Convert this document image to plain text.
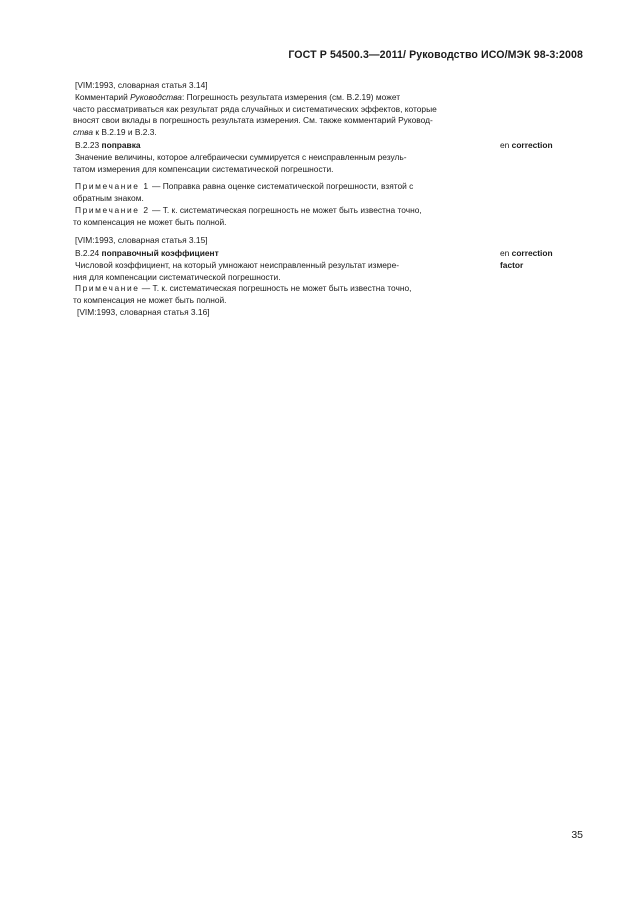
ГОСТ Р 54500.3—2011/ Руководство ИСО/МЭК 98-3:2008

[VIM:1993, словарная статья 3.14]

Комментарий Руководства: Погрешность результата измерения (см. В.2.19) может

часто рассматриваться как результат ряда случайных и систематических эффектов, которые

вносят свои вклады в погрешность результата измерения. См. также комментарий Руковод-

ства к В.2.19 и В.2.3.

В.2.23 поправка

Значение величины, которое алгебраически суммируется с неисправленным резуль-

татом измерения для компенсации систематической погрешности.

Примечание 1 — Поправка равна оценке систематической погрешности, взятой с

обратным знаком.

Примечание 2 — Т. к. систематическая погрешность не может быть известна точно,

то компенсация не может быть полной.

[VIM:1993, словарная статья 3.15]

В.2.24 поправочный коэффициент

Числовой коэффициент, на который умножают неисправленный результат измере-

ния для компенсации систематической погрешности.

Примечание — Т. к. систематическая погрешность не может быть известна точно,

то компенсация не может быть полной.

[VIM:1993, словарная статья 3.16]

en correction
en correction
factor
35
